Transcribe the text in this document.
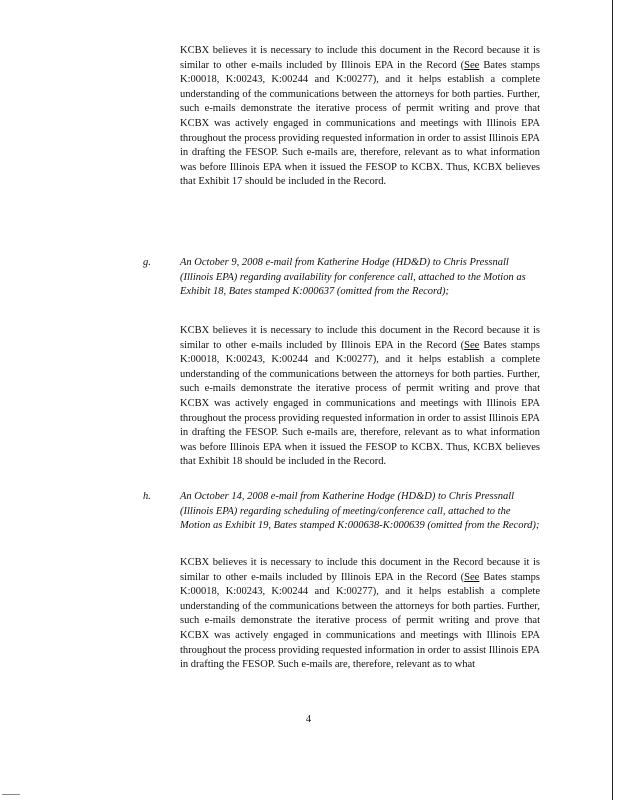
KCBX believes it is necessary to include this document in the Record because it is similar to other e-mails included by Illinois EPA in the Record (See Bates stamps K:00018, K:00243, K:00244 and K:00277), and it helps establish a complete understanding of the communications between the attorneys for both parties. Further, such e-mails demonstrate the iterative process of permit writing and prove that KCBX was actively engaged in communications and meetings with Illinois EPA throughout the process providing requested information in order to assist Illinois EPA in drafting the FESOP. Such e-mails are, therefore, relevant as to what information was before Illinois EPA when it issued the FESOP to KCBX. Thus, KCBX believes that Exhibit 17 should be included in the Record.

g.	An October 9, 2008 e-mail from Katherine Hodge (HD&D) to Chris Pressnall (Illinois EPA) regarding availability for conference call, attached to the Motion as Exhibit 18, Bates stamped K:000637 (omitted from the Record);

KCBX believes it is necessary to include this document in the Record because it is similar to other e-mails included by Illinois EPA in the Record (See Bates stamps K:00018, K:00243, K:00244 and K:00277), and it helps establish a complete understanding of the communications between the attorneys for both parties. Further, such e-mails demonstrate the iterative process of permit writing and prove that KCBX was actively engaged in communications and meetings with Illinois EPA throughout the process providing requested information in order to assist Illinois EPA in drafting the FESOP. Such e-mails are, therefore, relevant as to what information was before Illinois EPA when it issued the FESOP to KCBX. Thus, KCBX believes that Exhibit 18 should be included in the Record.

h.	An October 14, 2008 e-mail from Katherine Hodge (HD&D) to Chris Pressnall (Illinois EPA) regarding scheduling of meeting/conference call, attached to the Motion as Exhibit 19, Bates stamped K:000638-K:000639 (omitted from the Record);

KCBX believes it is necessary to include this document in the Record because it is similar to other e-mails included by Illinois EPA in the Record (See Bates stamps K:00018, K:00243, K:00244 and K:00277), and it helps establish a complete understanding of the communications between the attorneys for both parties. Further, such e-mails demonstrate the iterative process of permit writing and prove that KCBX was actively engaged in communications and meetings with Illinois EPA throughout the process providing requested information in order to assist Illinois EPA in drafting the FESOP. Such e-mails are, therefore, relevant as to what

4
